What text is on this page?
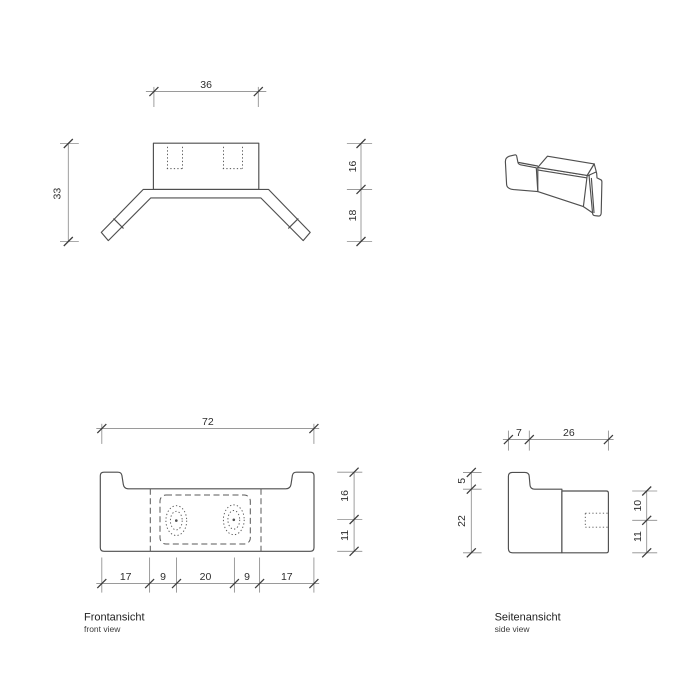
36
33
16
18
72
16
11
17	9	20	9	17
Frontansicht
front view
7	26
5
22
10
11
Seitenansicht
side view
